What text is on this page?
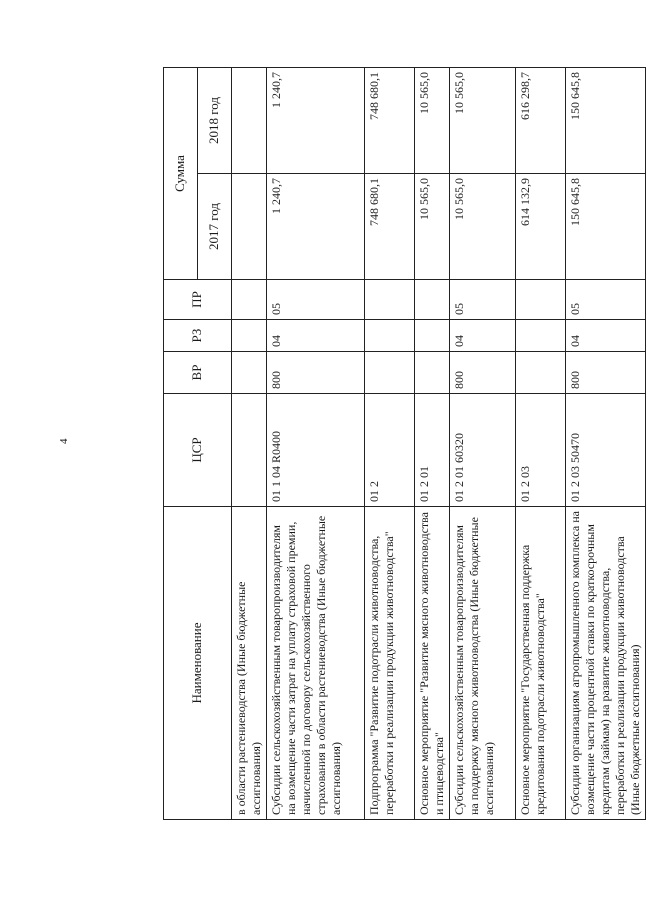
4
Наименование	ЦСР	ВР	РЗ	ПР	Сумма	
					2017 год	2018 год
в области растениеводства (Иные бюджетные ассигнования)						
Субсидии сельскохозяйственным товаропроизводителям на возмещение части затрат на уплату страховой премии, начисленной по договору сельскохозяйственного страхования в области растениеводства (Иные бюджетные ассигнования)	01 1 04 R0400	800	04	05	1 240,7	1 240,7
Подпрограмма "Развитие подотрасли животноводства, переработки и реализации продукции животноводства"	01 2				748 680,1	748 680,1
Основное мероприятие "Развитие мясного животноводства и птицеводства"	01 2 01				10 565,0	10 565,0
Субсидии сельскохозяйственным товаропроизводителям на поддержку мясного животноводства (Иные бюджетные ассигнования)	01 2 01 60320	800	04	05	10 565,0	10 565,0
Основное мероприятие "Государственная поддержка кредитования подотрасли животноводства"	01 2 03				614 132,9	616 298,7
Субсидии организациям агропромышленного комплекса на возмещение части процентной ставки по краткосрочным кредитам (займам) на развитие животноводства, переработки и реализации продукции животноводства (Иные бюджетные ассигнования)	01 2 03 50470	800	04	05	150 645,8	150 645,8
